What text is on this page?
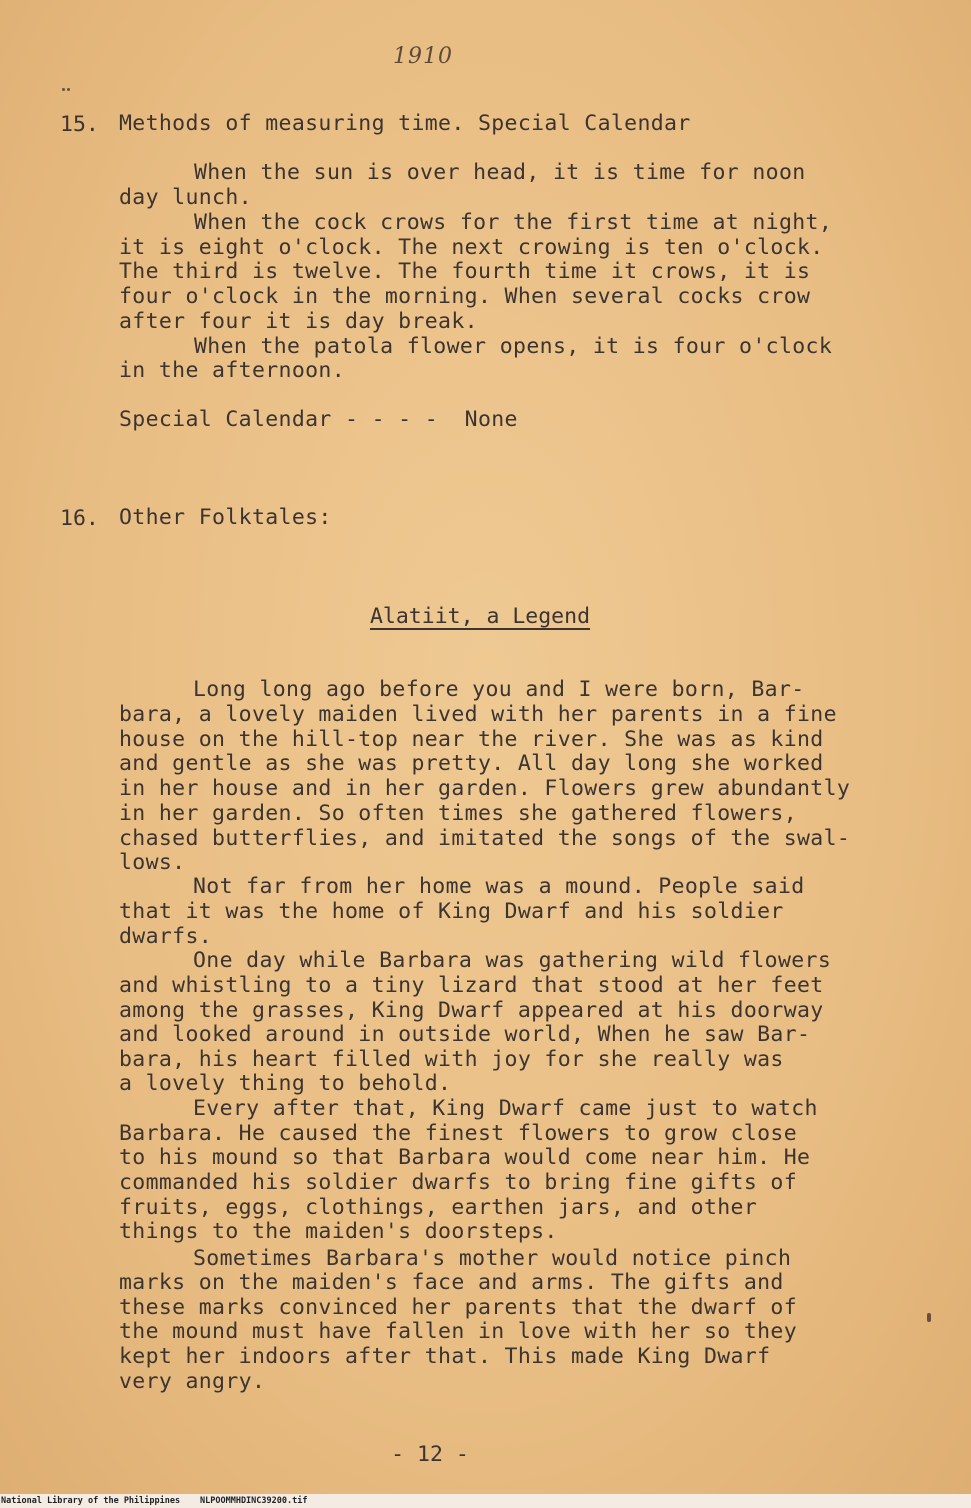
1910
15. Methods of measuring time. Special Calendar
When the sun is over head, it is time for noon
day lunch.
When the cock crows for the first time at night,
it is eight o'clock. The next crowing is ten o'clock.
The third is twelve. The fourth time it crows, it is
four o'clock in the morning. When several cocks crow
after four it is day break.
When the patola flower opens, it is four o'clock
in the afternoon.
Special Calendar - - - -  None
16. Other Folktales:
Alatiit, a Legend
Long long ago before you and I were born, Bar-
bara, a lovely maiden lived with her parents in a fine
house on the hill-top near the river. She was as kind
and gentle as she was pretty. All day long she worked
in her house and in her garden. Flowers grew abundantly
in her garden. So often times she gathered flowers,
chased butterflies, and imitated the songs of the swal-
lows.
Not far from her home was a mound. People said
that it was the home of King Dwarf and his soldier
dwarfs.
One day while Barbara was gathering wild flowers
and whistling to a tiny lizard that stood at her feet
among the grasses, King Dwarf appeared at his doorway
and looked around in outside world, When he saw Bar-
bara, his heart filled with joy for she really was
a lovely thing to behold.
Every after that, King Dwarf came just to watch
Barbara. He caused the finest flowers to grow close
to his mound so that Barbara would come near him. He
commanded his soldier dwarfs to bring fine gifts of
fruits, eggs, clothings, earthen jars, and other
things to the maiden's doorsteps.
Sometimes Barbara's mother would notice pinch
marks on the maiden's face and arms. The gifts and
these marks convinced her parents that the dwarf of
the mound must have fallen in love with her so they
kept her indoors after that. This made King Dwarf
very angry.
- 12 -
National Library of the Philippines NLPOOMMHDINC39200.tif
